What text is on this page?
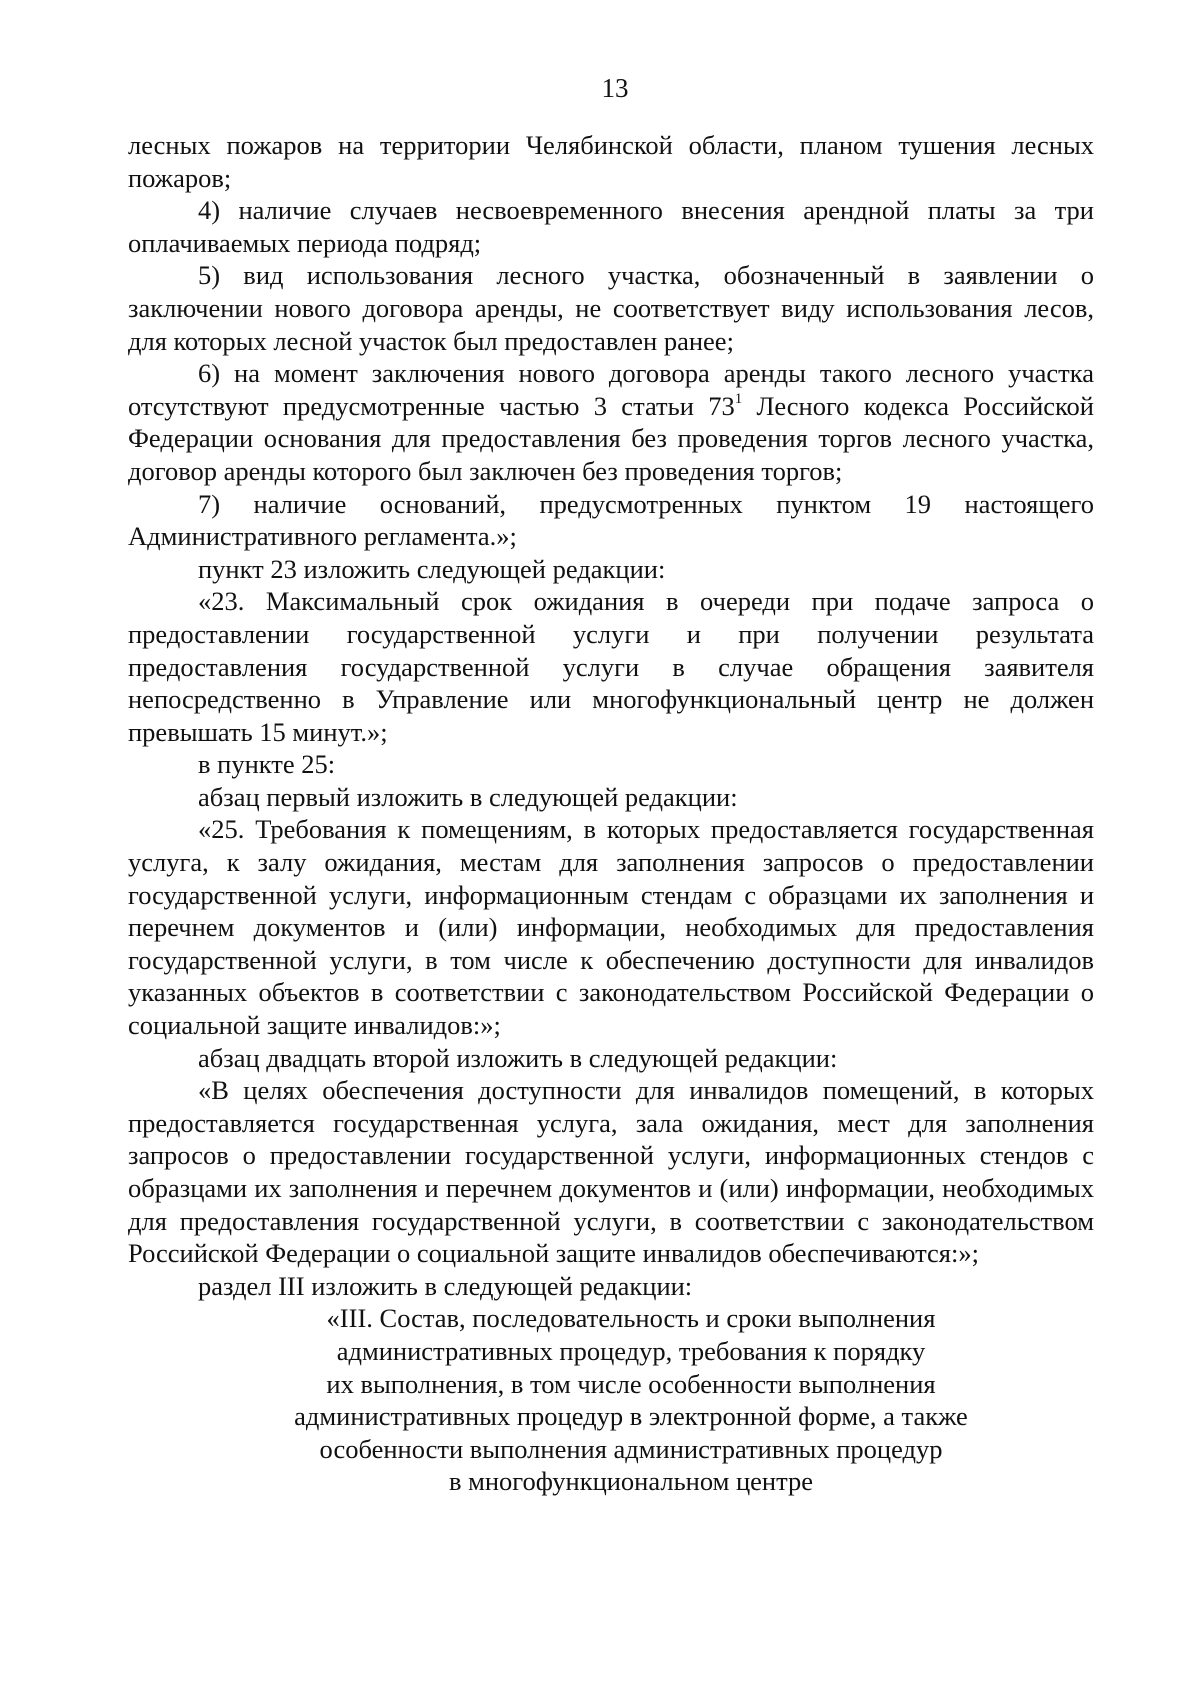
13

лесных пожаров на территории Челябинской области, планом тушения лесных пожаров;

4) наличие случаев несвоевременного внесения арендной платы за три оплачиваемых периода подряд;

5) вид использования лесного участка, обозначенный в заявлении о заключении нового договора аренды, не соответствует виду использования лесов, для которых лесной участок был предоставлен ранее;

6) на момент заключения нового договора аренды такого лесного участка отсутствуют предусмотренные частью 3 статьи $73^1$ Лесного кодекса Российской Федерации основания для предоставления без проведения торгов лесного участка, договор аренды которого был заключен без проведения торгов;

7) наличие оснований, предусмотренных пунктом 19 настоящего Административного регламента.»;

пункт 23 изложить следующей редакции:

«23. Максимальный срок ожидания в очереди при подаче запроса о предоставлении государственной услуги и при получении результата предоставления государственной услуги в случае обращения заявителя непосредственно в Управление или многофункциональный центр не должен превышать 15 минут.»;

в пункте 25:

абзац первый изложить в следующей редакции:

«25. Требования к помещениям, в которых предоставляется государственная услуга, к залу ожидания, местам для заполнения запросов о предоставлении государственной услуги, информационным стендам с образцами их заполнения и перечнем документов и (или) информации, необходимых для предоставления государственной услуги, в том числе к обеспечению доступности для инвалидов указанных объектов в соответствии с законодательством Российской Федерации о социальной защите инвалидов:»;

абзац двадцать второй изложить в следующей редакции:

«В целях обеспечения доступности для инвалидов помещений, в которых предоставляется государственная услуга, зала ожидания, мест для заполнения запросов о предоставлении государственной услуги, информационных стендов с образцами их заполнения и перечнем документов и (или) информации, необходимых для предоставления государственной услуги, в соответствии с законодательством Российской Федерации о социальной защите инвалидов обеспечиваются:»;

раздел III изложить в следующей редакции:

«III. Состав, последовательность и сроки выполнения
административных процедур, требования к порядку
их выполнения, в том числе особенности выполнения
административных процедур в электронной форме, а также
особенности выполнения административных процедур
в многофункциональном центре
